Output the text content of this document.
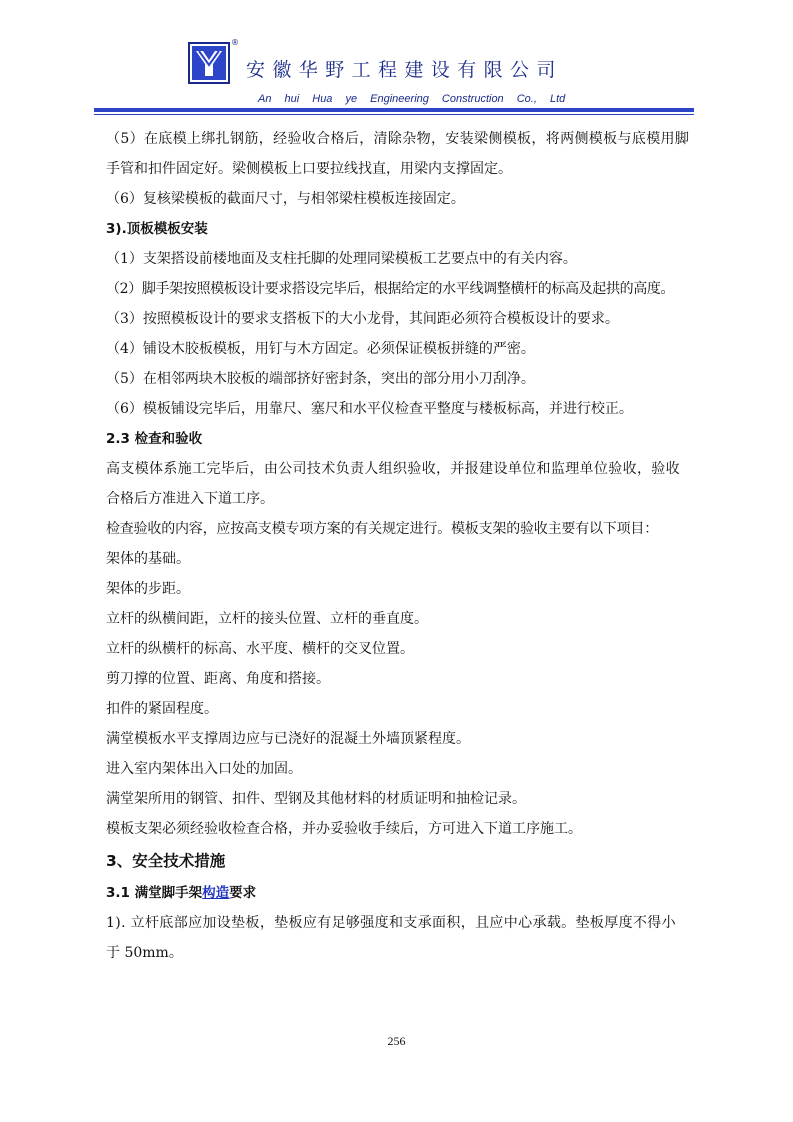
®
安徽华野工程建设有限公司
An hui Hua ye Engineering Construction Co., Ltd

（5）在底模上绑扎钢筋，经验收合格后，清除杂物，安装梁侧模板，将两侧模板与底模用脚

手管和扣件固定好。梁侧模板上口要拉线找直，用梁内支撑固定。

（6）复核梁模板的截面尺寸，与相邻梁柱模板连接固定。

3).顶板模板安装

（1）支架搭设前楼地面及支柱托脚的处理同梁模板工艺要点中的有关内容。

（2）脚手架按照模板设计要求搭设完毕后，根据给定的水平线调整横杆的标高及起拱的高度。

（3）按照模板设计的要求支搭板下的大小龙骨，其间距必须符合模板设计的要求。

（4）铺设木胶板模板，用钉与木方固定。必须保证模板拼缝的严密。

（5）在相邻两块木胶板的端部挤好密封条，突出的部分用小刀刮净。

（6）模板铺设完毕后，用靠尺、塞尺和水平仪检查平整度与楼板标高，并进行校正。

2.3 检查和验收

高支模体系施工完毕后，由公司技术负责人组织验收，并报建设单位和监理单位验收，验收

合格后方准进入下道工序。

检查验收的内容，应按高支模专项方案的有关规定进行。模板支架的验收主要有以下项目：

架体的基础。

架体的步距。

立杆的纵横间距，立杆的接头位置、立杆的垂直度。

立杆的纵横杆的标高、水平度、横杆的交叉位置。

剪刀撑的位置、距离、角度和搭接。

扣件的紧固程度。

满堂模板水平支撑周边应与已浇好的混凝土外墙顶紧程度。

进入室内架体出入口处的加固。

满堂架所用的钢管、扣件、型钢及其他材料的材质证明和抽检记录。

模板支架必须经验收检查合格，并办妥验收手续后，方可进入下道工序施工。

3、安全技术措施

3.1 满堂脚手架构造要求

1). 立杆底部应加设垫板，垫板应有足够强度和支承面积，且应中心承载。垫板厚度不得小

于 50mm。

256
